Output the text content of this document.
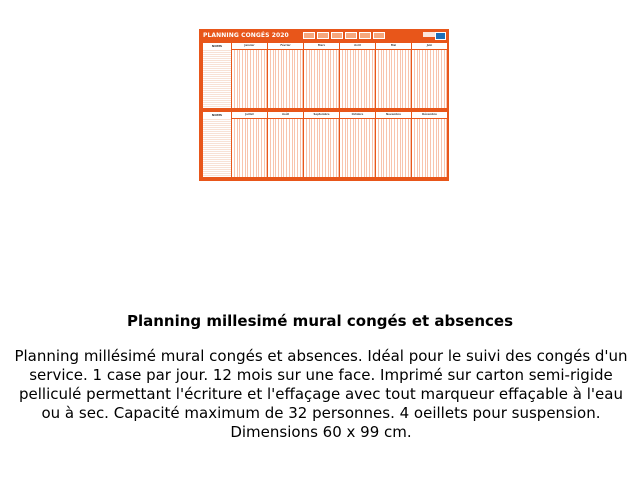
PLANNING CONGÉS 2020
NOMS	Janvier	Février	Mars	Avril	Mai	Juin
NOMS	Juillet	Août	Septembre	Octobre	Novembre	Décembre
Planning millesimé mural congés et absences

Planning millésimé mural congés et absences. Idéal pour le suivi des congés d'un service. 1 case par jour. 12 mois sur une face. Imprimé sur carton semi-rigide pelliculé permettant l'écriture et l'effaçage avec tout marqueur effaçable à l'eau ou à sec. Capacité maximum de 32 personnes. 4 oeillets pour suspension. Dimensions 60 x 99 cm.
